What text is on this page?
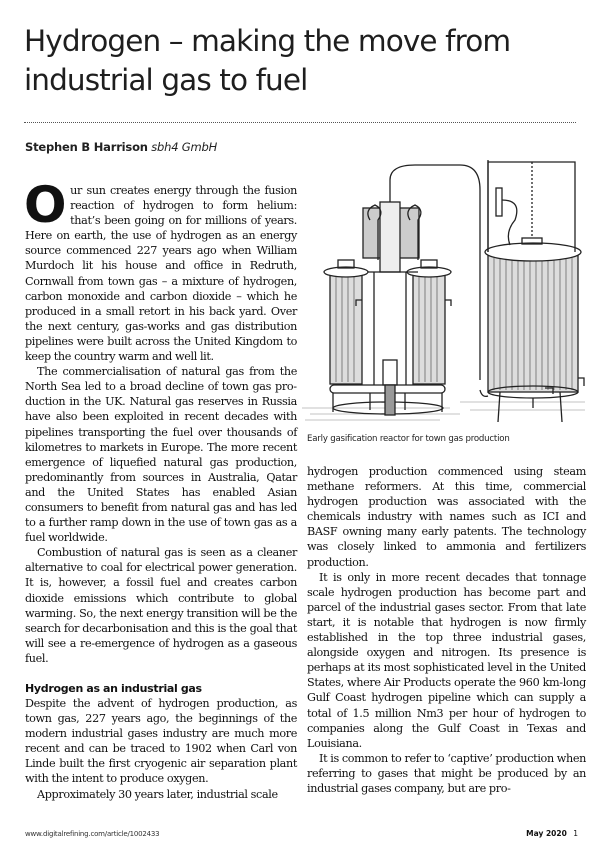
Hydrogen – making the move from industrial gas to fuel
Stephen B Harrison sbh4 GmbH

Our sun creates energy through the fusion reaction of hydrogen to form helium: that’s been going on for millions of years. Here on earth, the use of hydrogen as an energy source commenced 227 years ago when William Murdoch lit his house and office in Redruth, Cornwall from town gas – a mixture of hydrogen, carbon monoxide and carbon dioxide – which he produced in a small retort in his back yard. Over the next century, gas-works and gas distribution pipelines were built across the United Kingdom to keep the country warm and well lit.

The commercialisation of natural gas from the North Sea led to a broad decline of town gas production in the UK. Natural gas reserves in Russia have also been exploited in recent decades with pipelines transporting the fuel over thousands of kilometres to markets in Europe. The more recent emergence of liquefied natural gas production, predominantly from sources in Australia, Qatar and the United States has enabled Asian consumers to benefit from natural gas and has led to a further ramp down in the use of town gas as a fuel worldwide.

Combustion of natural gas is seen as a cleaner alternative to coal for electrical power generation. It is, however, a fossil fuel and creates carbon dioxide emissions which contribute to global warming. So, the next energy transition will be the search for decarbonisation and this is the goal that will see a re-emergence of hydrogen as a gaseous fuel.

Hydrogen as an industrial gas

Despite the advent of hydrogen production, as town gas, 227 years ago, the beginnings of the modern industrial gases industry are much more recent and can be traced to 1902 when Carl von Linde built the first cryogenic air separation plant with the intent to produce oxygen.

Approximately 30 years later, industrial scale

Early gasification reactor for town gas production

hydrogen production commenced using steam methane reformers. At this time, commercial hydrogen production was associated with the chemicals industry with names such as ICI and BASF owning many early patents. The technology was closely linked to ammonia and fertilizers production.

It is only in more recent decades that tonnage scale hydrogen production has become part and parcel of the industrial gases sector. From that late start, it is notable that hydrogen is now firmly established in the top three industrial gases, alongside oxygen and nitrogen. Its presence is perhaps at its most sophisticated level in the United States, where Air Products operate the 960 km-long Gulf Coast hydrogen pipeline which can supply a total of 1.5 million Nm3 per hour of hydrogen to companies along the Gulf Coast in Texas and Louisiana.

It is common to refer to ‘captive’ production when referring to gases that might be produced by an industrial gases company, but are pro-

www.digitalrefining.com/article/1002433	May 2020 1
